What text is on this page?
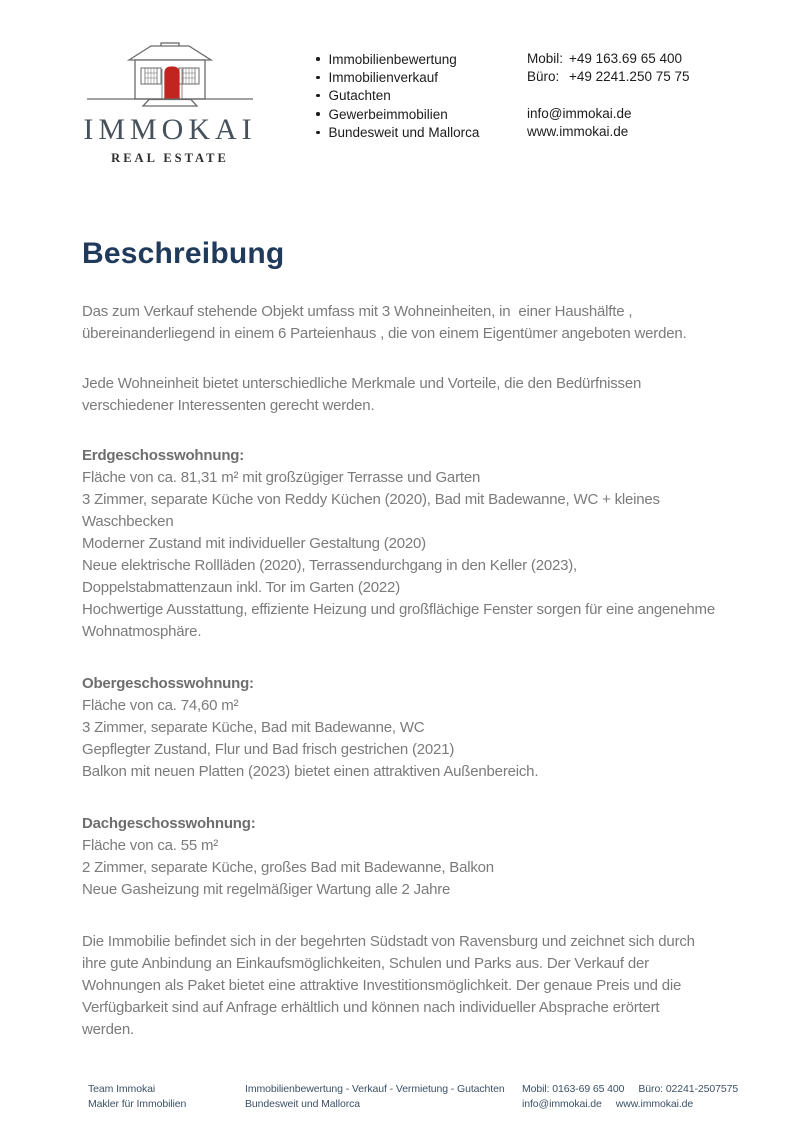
IMMOKAI
REAL ESTATE
Immobilienbewertung
Immobilienverkauf
Gutachten
Gewerbeimmobilien
Bundesweit und Mallorca
Mobil: +49 163.69 65 400
Büro: +49 2241.250 75 75
info@immokai.de
www.immokai.de
Beschreibung
Das zum Verkauf stehende Objekt umfass mit 3 Wohneinheiten, in  einer Haushälfte ,
übereinanderliegend in einem 6 Parteienhaus , die von einem Eigentümer angeboten werden.
Jede Wohneinheit bietet unterschiedliche Merkmale und Vorteile, die den Bedürfnissen
verschiedener Interessenten gerecht werden.
Erdgeschosswohnung:
Fläche von ca. 81,31 m² mit großzügiger Terrasse und Garten
3 Zimmer, separate Küche von Reddy Küchen (2020), Bad mit Badewanne, WC + kleines
Waschbecken
Moderner Zustand mit individueller Gestaltung (2020)
Neue elektrische Rollläden (2020), Terrassendurchgang in den Keller (2023),
Doppelstabmattenzaun inkl. Tor im Garten (2022)
Hochwertige Ausstattung, effiziente Heizung und großflächige Fenster sorgen für eine angenehme
Wohnatmosphäre.
Obergeschosswohnung:
Fläche von ca. 74,60 m²
3 Zimmer, separate Küche, Bad mit Badewanne, WC
Gepflegter Zustand, Flur und Bad frisch gestrichen (2021)
Balkon mit neuen Platten (2023) bietet einen attraktiven Außenbereich.
Dachgeschosswohnung:
Fläche von ca. 55 m²
2 Zimmer, separate Küche, großes Bad mit Badewanne, Balkon
Neue Gasheizung mit regelmäßiger Wartung alle 2 Jahre
Die Immobilie befindet sich in der begehrten Südstadt von Ravensburg und zeichnet sich durch
ihre gute Anbindung an Einkaufsmöglichkeiten, Schulen und Parks aus. Der Verkauf der
Wohnungen als Paket bietet eine attraktive Investitionsmöglichkeit. Der genaue Preis und die
Verfügbarkeit sind auf Anfrage erhältlich und können nach individueller Absprache erörtert
werden.
Team Immokai
Makler für Immobilien
Immobilienbewertung - Verkauf - Vermietung - Gutachten
Bundesweit und Mallorca
Mobil: 0163-69 65 400 Büro: 02241-2507575
info@immokai.de www.immokai.de
